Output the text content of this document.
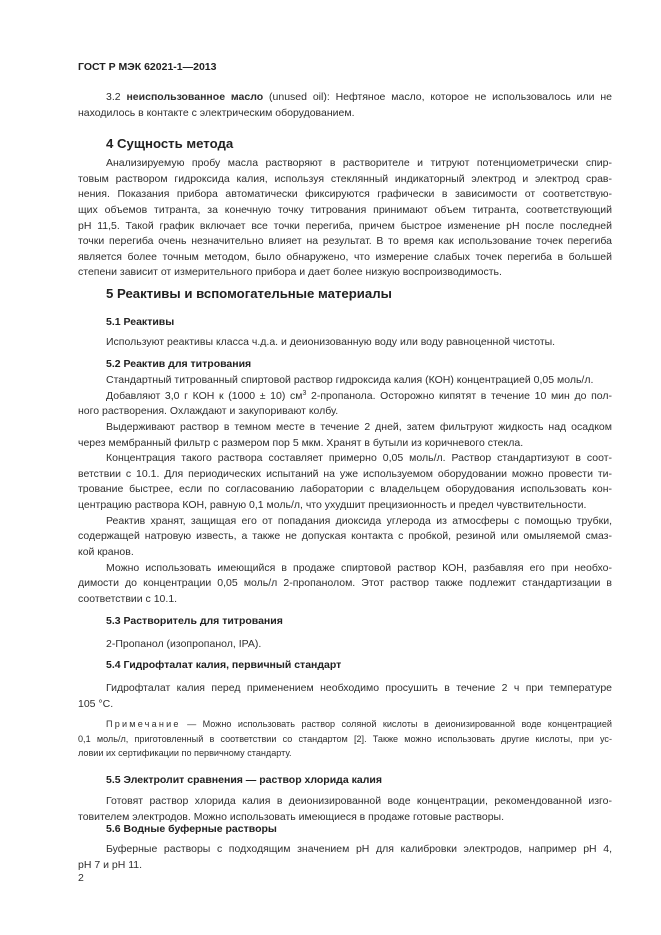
ГОСТ Р МЭК 62021-1—2013
3.2 неиспользованное масло (unused oil): Нефтяное масло, которое не использовалось или не
находилось в контакте с электрическим оборудованием.
4 Сущность метода
Анализируемую пробу масла растворяют в растворителе и титруют потенциометрически спир-
товым раствором гидроксида калия, используя стеклянный индикаторный электрод и электрод срав-
нения. Показания прибора автоматически фиксируются графически в зависимости от соответствую-
щих объемов титранта, за конечную точку титрования принимают объем титранта, соответствующий
pH 11,5. Такой график включает все точки перегиба, причем быстрое изменение pH после последней
точки перегиба очень незначительно влияет на результат. В то время как использование точек перегиба
является более точным методом, было обнаружено, что измерение слабых точек перегиба в большей
степени зависит от измерительного прибора и дает более низкую воспроизводимость.
5 Реактивы и вспомогательные материалы
5.1 Реактивы
Используют реактивы класса ч.д.а. и деионизованную воду или воду равноценной чистоты.
5.2 Реактив для титрования
Стандартный титрованный спиртовой раствор гидроксида калия (КОН) концентрацией 0,05 моль/л.
Добавляют 3,0 г КОН к (1000 ± 10) $см^3$ 2-пропанола. Осторожно кипятят в течение 10 мин до пол-
ного растворения. Охлаждают и закупоривают колбу.
Выдерживают раствор в темном месте в течение 2 дней, затем фильтруют жидкость над осадком
через мембранный фильтр с размером пор 5 мкм. Хранят в бутыли из коричневого стекла.
Концентрация такого раствора составляет примерно 0,05 моль/л. Раствор стандартизуют в соот-
ветствии с 10.1. Для периодических испытаний на уже используемом оборудовании можно провести ти-
трование быстрее, если по согласованию лаборатории с владельцем оборудования использовать кон-
центрацию раствора КОН, равную 0,1 моль/л, что ухудшит прецизионность и предел чувствительности.
Реактив хранят, защищая его от попадания диоксида углерода из атмосферы с помощью трубки,
содержащей натровую известь, а также не допуская контакта с пробкой, резиной или омыляемой смаз-
кой кранов.
Можно использовать имеющийся в продаже спиртовой раствор КОН, разбавляя его при необхо-
димости до концентрации 0,05 моль/л 2-пропанолом. Этот раствор также подлежит стандартизации в
соответствии с 10.1.
5.3 Растворитель для титрования
2-Пропанол (изопропанол, IPA).
5.4 Гидрофталат калия, первичный стандарт
Гидрофталат калия перед применением необходимо просушить в течение 2 ч при температуре
105 °C.
Примечание — Можно использовать раствор соляной кислоты в деионизированной воде концентрацией
0,1 моль/л, приготовленный в соответствии со стандартом [2]. Также можно использовать другие кислоты, при ус-
ловии их сертификации по первичному стандарту.
5.5 Электролит сравнения — раствор хлорида калия
Готовят раствор хлорида калия в деионизированной воде концентрации, рекомендованной изго-
товителем электродов. Можно использовать имеющиеся в продаже готовые растворы.
5.6 Водные буферные растворы
Буферные растворы с подходящим значением pH для калибровки электродов, например pH 4,
pH 7 и pH 11.
2
